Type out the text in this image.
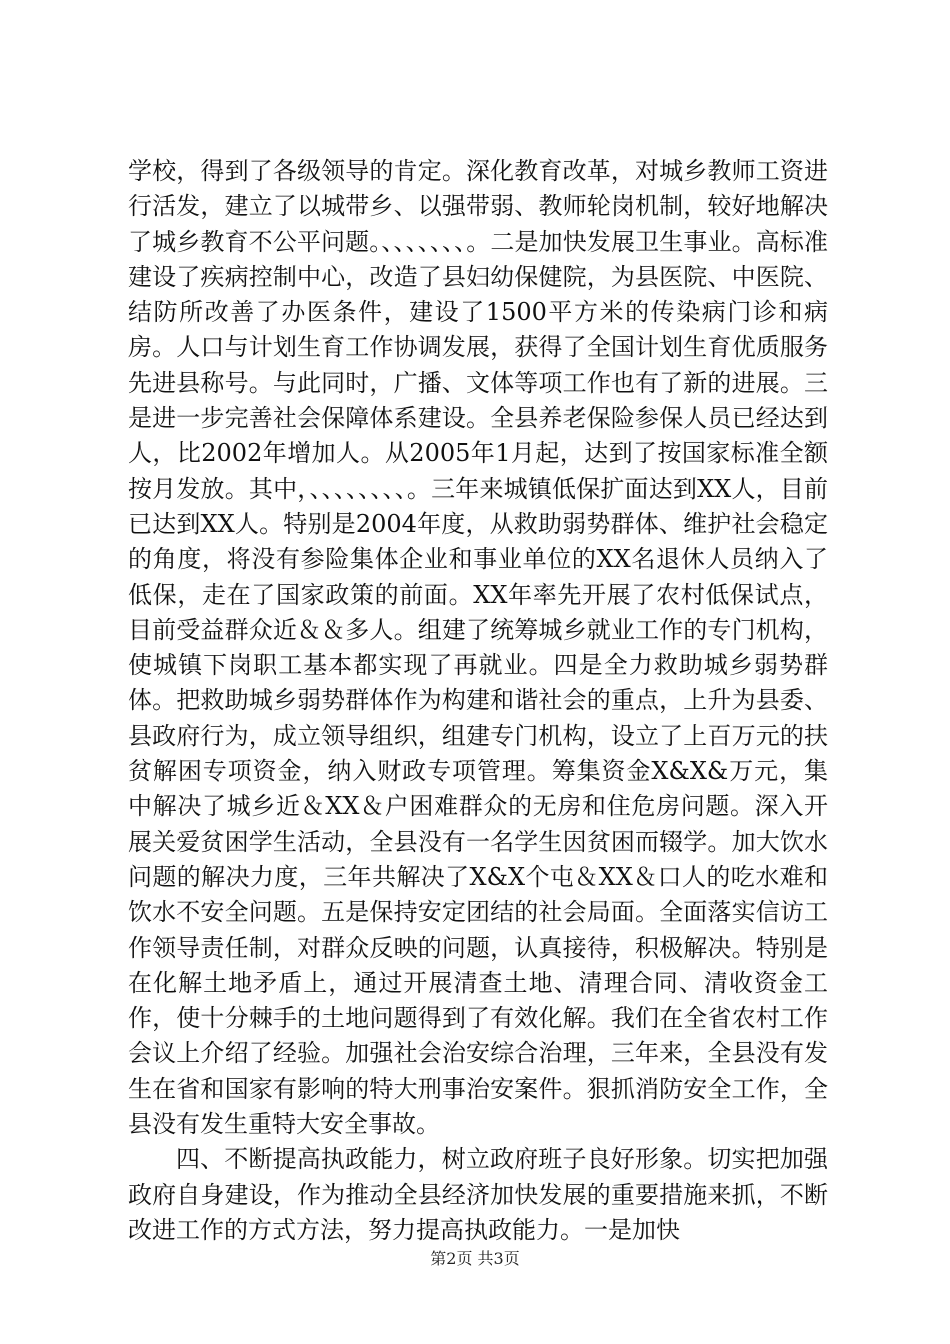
学校，得到了各级领导的肯定。深化教育改革，对城乡教师工资进行活发，建立了以城带乡、以强带弱、教师轮岗机制，较好地解决了城乡教育不公平问题。、、、、、、、。二是加快发展卫生事业。高标准建设了疾病控制中心，改造了县妇幼保健院，为县医院、中医院、结防所改善了办医条件，建设了1500平方米的传染病门诊和病房。人口与计划生育工作协调发展，获得了全国计划生育优质服务先进县称号。与此同时，广播、文体等项工作也有了新的进展。三是进一步完善社会保障体系建设。全县养老保险参保人员已经达到人，比2002年增加人。从2005年1月起，达到了按国家标准全额按月发放。其中，、、、、、、、、。三年来城镇低保扩面达到XX人，目前已达到XX人。特别是2004年度，从救助弱势群体、维护社会稳定的角度，将没有参险集体企业和事业单位的XX名退休人员纳入了低保，走在了国家政策的前面。XX年率先开展了农村低保试点，目前受益群众近＆＆多人。组建了统筹城乡就业工作的专门机构，使城镇下岗职工基本都实现了再就业。四是全力救助城乡弱势群体。把救助城乡弱势群体作为构建和谐社会的重点，上升为县委、县政府行为，成立领导组织，组建专门机构，设立了上百万元的扶贫解困专项资金，纳入财政专项管理。筹集资金X&X&万元，集中解决了城乡近＆XX＆户困难群众的无房和住危房问题。深入开展关爱贫困学生活动，全县没有一名学生因贫困而辍学。加大饮水问题的解决力度，三年共解决了X&X个屯＆XX＆口人的吃水难和饮水不安全问题。五是保持安定团结的社会局面。全面落实信访工作领导责任制，对群众反映的问题，认真接待，积极解决。特别是在化解土地矛盾上，通过开展清查土地、清理合同、清收资金工作，使十分棘手的土地问题得到了有效化解。我们在全省农村工作会议上介绍了经验。加强社会治安综合治理，三年来，全县没有发生在省和国家有影响的特大刑事治安案件。狠抓消防安全工作，全县没有发生重特大安全事故。

四、不断提高执政能力，树立政府班子良好形象。切实把加强政府自身建设，作为推动全县经济加快发展的重要措施来抓，不断改进工作的方式方法，努力提高执政能力。一是加快

第2页 共3页
